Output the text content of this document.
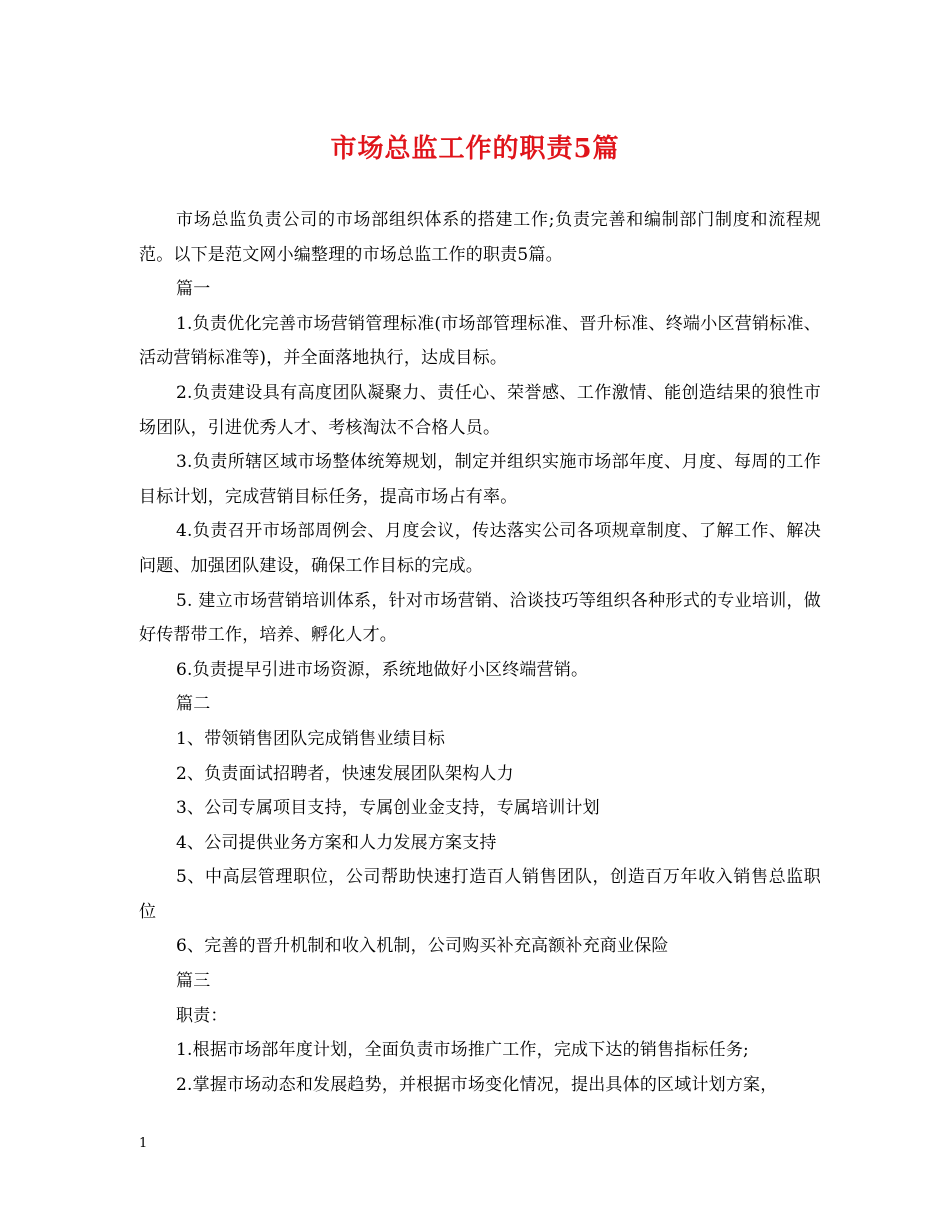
市场总监工作的职责5篇

市场总监负责公司的市场部组织体系的搭建工作;负责完善和编制部门制度和流程规范。以下是范文网小编整理的市场总监工作的职责5篇。

篇一

1.负责优化完善市场营销管理标准(市场部管理标准、晋升标准、终端小区营销标准、活动营销标准等)，并全面落地执行，达成目标。

2.负责建设具有高度团队凝聚力、责任心、荣誉感、工作激情、能创造结果的狼性市场团队，引进优秀人才、考核淘汰不合格人员。

3.负责所辖区域市场整体统筹规划，制定并组织实施市场部年度、月度、每周的工作目标计划，完成营销目标任务，提高市场占有率。

4.负责召开市场部周例会、月度会议，传达落实公司各项规章制度、了解工作、解决问题、加强团队建设，确保工作目标的完成。

5. 建立市场营销培训体系，针对市场营销、洽谈技巧等组织各种形式的专业培训，做好传帮带工作，培养、孵化人才。

6.负责提早引进市场资源，系统地做好小区终端营销。

篇二

1、带领销售团队完成销售业绩目标

2、负责面试招聘者，快速发展团队架构人力

3、公司专属项目支持，专属创业金支持，专属培训计划

4、公司提供业务方案和人力发展方案支持

5、中高层管理职位，公司帮助快速打造百人销售团队，创造百万年收入销售总监职位

6、完善的晋升机制和收入机制，公司购买补充高额补充商业保险

篇三

职责：

1.根据市场部年度计划，全面负责市场推广工作，完成下达的销售指标任务;

2.掌握市场动态和发展趋势，并根据市场变化情况，提出具体的区域计划方案，

1
